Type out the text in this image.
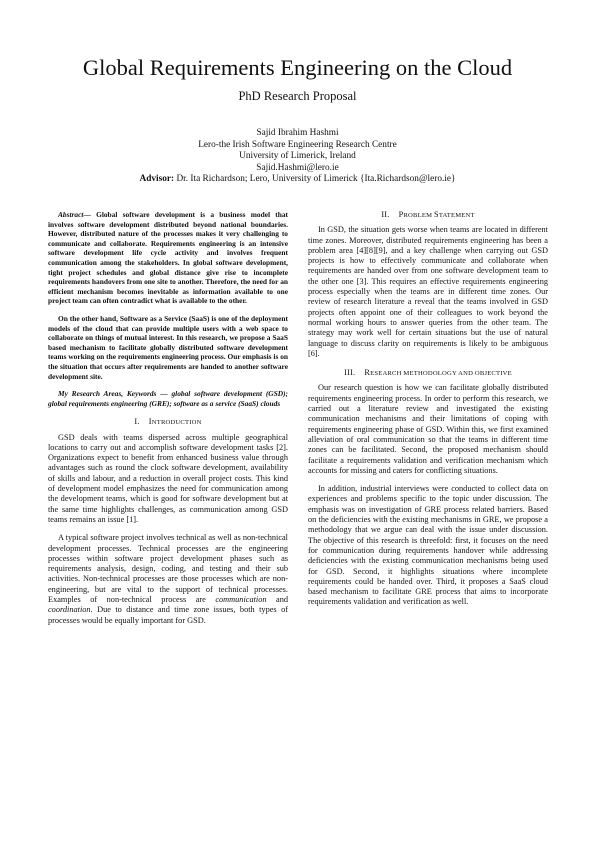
Global Requirements Engineering on the Cloud
PhD Research Proposal
Sajid Ibrahim Hashmi
Lero-the Irish Software Engineering Research Centre
University of Limerick, Ireland
Sajid.Hashmi@lero.ie
Advisor: Dr. Ita Richardson; Lero, University of Limerick {Ita.Richardson@lero.ie}

Abstract— Global software development is a business model that involves software development distributed beyond national boundaries. However, distributed nature of the processes makes it very challenging to communicate and collaborate. Requirements engineering is an intensive software development life cycle activity and involves frequent communication among the stakeholders. In global software development, tight project schedules and global distance give rise to incomplete requirements handovers from one site to another. Therefore, the need for an efficient mechanism becomes inevitable as information available to one project team can often contradict what is available to the other.

On the other hand, Software as a Service (SaaS) is one of the deployment models of the cloud that can provide multiple users with a web space to collaborate on things of mutual interest. In this research, we propose a SaaS based mechanism to facilitate globally distributed software development teams working on the requirements engineering process. Our emphasis is on the situation that occurs after requirements are handed to another software development site.

My Research Areas, Keywords — global software development (GSD); global requirements engineering (GRE); software as a service (SaaS) clouds

I. INTRODUCTION

GSD deals with teams dispersed across multiple geographical locations to carry out and accomplish software development tasks [2]. Organizations expect to benefit from enhanced business value through advantages such as round the clock software development, availability of skills and labour, and a reduction in overall project costs. This kind of development model emphasizes the need for communication among the development teams, which is good for software development but at the same time highlights challenges, as communication among GSD teams remains an issue [1].

A typical software project involves technical as well as non-technical development processes. Technical processes are the engineering processes within software project development phases such as requirements analysis, design, coding, and testing and their sub activities. Non-technical processes are those processes which are non-engineering, but are vital to the support of technical processes. Examples of non-technical process are communication and coordination. Due to distance and time zone issues, both types of processes would be equally important for GSD.

II. PROBLEM STATEMENT

In GSD, the situation gets worse when teams are located in different time zones. Moreover, distributed requirements engineering has been a problem area [4][8][9], and a key challenge when carrying out GSD projects is how to effectively communicate and collaborate when requirements are handed over from one software development team to the other one [3]. This requires an effective requirements engineering process especially when the teams are in different time zones. Our review of research literature a reveal that the teams involved in GSD projects often appoint one of their colleagues to work beyond the normal working hours to answer queries from the other team. The strategy may work well for certain situations but the use of natural language to discuss clarity on requirements is likely to be ambiguous [6].

III. RESEARCH METHODOLOGY AND OBJECTIVE

Our research question is how we can facilitate globally distributed requirements engineering process. In order to perform this research, we carried out a literature review and investigated the existing communication mechanisms and their limitations of coping with requirements engineering phase of GSD. Within this, we first examined alleviation of oral communication so that the teams in different time zones can be facilitated. Second, the proposed mechanism should facilitate a requirements validation and verification mechanism which accounts for missing and caters for conflicting situations.

In addition, industrial interviews were conducted to collect data on experiences and problems specific to the topic under discussion. The emphasis was on investigation of GRE process related barriers. Based on the deficiencies with the existing mechanisms in GRE, we propose a methodology that we argue can deal with the issue under discussion. The objective of this research is threefold: first, it focuses on the need for communication during requirements handover while addressing deficiencies with the existing communication mechanisms being used for GSD. Second, it highlights situations where incomplete requirements could be handed over. Third, it proposes a SaaS cloud based mechanism to facilitate GRE process that aims to incorporate requirements validation and verification as well.
